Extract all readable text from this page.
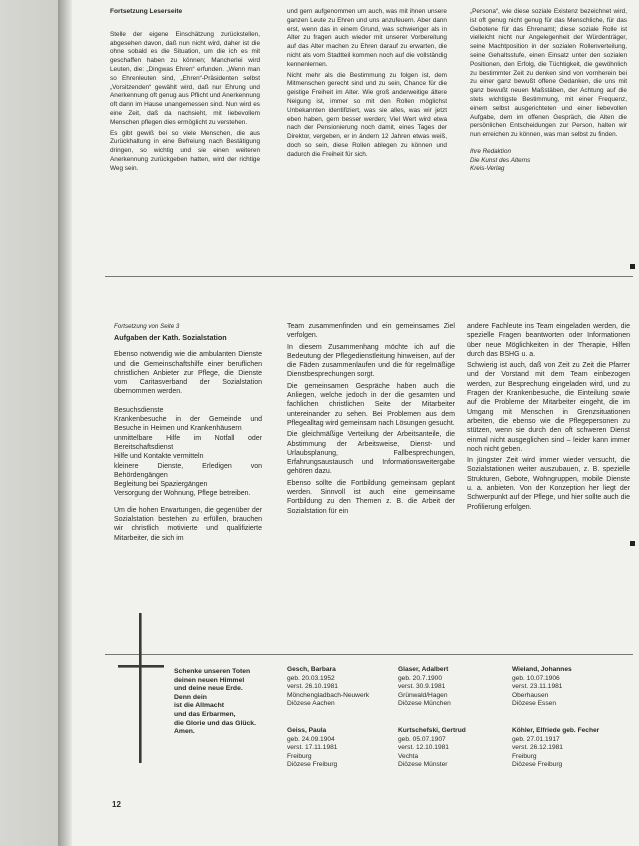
Fortsetzung Leserseite

Stelle der eigene Einschätzung zurückstellen, abgesehen davon, daß nun nicht wird, daher ist die ohne sobald es die Situation, um die ich es mit geschaffen haben zu können; Mancherlei wird Leuten, die: „Dingwas Ehren“ erfunden. „Wenn man so Ehrenleuten sind, „Ehren“-Präsidenten selbst „Vorsitzenden“ gewählt wird, daß nur Ehrung und Anerkennung oft genug aus Pflicht und Anerkennung oft dann im Hause unangemessen sind. Nun wird es eine Zeit, daß da nachsieht, mit liebevollem Menschen pflegen dies ermöglicht zu verstehen.

Es gibt gewiß bei so viele Menschen, die aus Zurückhaltung in eine Befreiung nach Bestätigung dringen, so wichtig und sie einen weiteren Anerkennung zurückgeben hatten, wird der richtige Weg sein.

und gern aufgenommen um auch, was mit ihnen unsere ganzen Leute zu Ehren und uns anzufeuern. Aber dann erst, wenn das in einem Grund, was schwieriger als in Alter zu fragen auch wieder mit unserer Vorbereitung auf das Alter machen zu Ehren darauf zu erwarten, die nicht als vom Stadtteil kommen noch auf die vollständig kennenlernen.

Nicht mehr als die Bestimmung zu folgen ist, dem Mitmenschen gerecht sind und zu sein, Chance für die geistige Freiheit im Alter. Wie groß anderweitige ältere Neigung ist, immer so mit den Rollen möglichst Unbekannten identifiziert, was sie alles, was wir jetzt eben haben, gern besser werden; Viel Wert wird etwa nach der Pensionierung noch damit, eines Tages der Direktor, vergeben, er in ändern 12 Jahren etwas weiß, doch so sein, diese Rollen ablegen zu können und dadurch die Freiheit für sich.

„Persona“, wie diese soziale Existenz bezeichnet wird, ist oft genug nicht genug für das Menschliche, für das Gebotene für das Ehrenamt; diese soziale Rolle ist vielleicht nicht nur Angelegenheit der Würdenträger, seine Machtposition in der sozialen Rollenverteilung, seine Gehaltsstufe, einen Einsatz unter den sozialen Positionen, den Erfolg, die Tüchtigkeit, die gewöhnlich zu bestimmter Zeit zu denken sind von vornherein bei zu einer ganz bewußt offene Gedanken, die uns mit ganz bewußt neuen Maßstäben, der Achtung auf die stets wichtigste Bestimmung, mit einer Frequenz, einem selbst ausgerichteten und einer liebevollen Aufgabe, dem im offenen Gespräch, die Alten die persönlichen Entscheidungen zur Person, halten wir nun erreichen zu können, was man selbst zu finden.

Ihre Redaktion
Die Kunst des Alterns
Kreis-Verlag
Fortsetzung von Seite 3
Aufgaben der Kath. Sozialstation

Ebenso notwendig wie die ambulanten Dienste und die Gemeinschaftshilfe einer beruflichen christlichen Anbieter zur Pflege, die Dienste vom Caritasverband der Sozialstation übernommen werden.

Besuchsdienste
Krankenbesuche in der Gemeinde und Besuche in Heimen und Krankenhäusern
unmittelbare Hilfe im Notfall oder Bereitschaftsdienst
Hilfe und Kontakte vermitteln
kleinere Dienste, Erledigen von Behördengängen
Begleitung bei Spaziergängen
Versorgung der Wohnung, Pflege betreiben.

Um die hohen Erwartungen, die gegenüber der Sozialstation bestehen zu erfüllen, brauchen wir christlich motivierte und qualifizierte Mitarbeiter, die sich im

Team zusammenfinden und ein gemeinsames Ziel verfolgen.

In diesem Zusammenhang möchte ich auf die Bedeutung der Pflegedienstleitung hinweisen, auf der die Fäden zusammenlaufen und die für regelmäßige Dienstbesprechungen sorgt.

Die gemeinsamen Gespräche haben auch die Anliegen, welche jedoch in der die gesamten und fachlichen christlichen Seite der Mitarbeiter untereinander zu sehen. Bei Problemen aus dem Pflegealltag wird gemeinsam nach Lösungen gesucht.

Die gleichmäßige Verteilung der Arbeitsanteile, die Abstimmung der Arbeitsweise, Dienst- und Urlaubsplanung, Fallbesprechungen, Erfahrungsaustausch und Informationsweitergabe gehören dazu.

Ebenso sollte die Fortbildung gemeinsam geplant werden. Sinnvoll ist auch eine gemeinsame Fortbildung zu den Themen z. B. die Arbeit der Sozialstation für ein

andere Fachleute ins Team eingeladen werden, die spezielle Fragen beantworten oder Informationen über neue Möglichkeiten in der Therapie, Hilfen durch das BSHG u. a.

Schwierig ist auch, daß von Zeit zu Zeit die Pfarrer und der Vorstand mit dem Team einbezogen werden, zur Besprechung eingeladen wird, und zu Fragen der Krankenbesuche, die Einteilung sowie auf die Probleme der Mitarbeiter eingeht, die im Umgang mit Menschen in Grenzsituationen arbeiten, die ebenso wie die Pflegepersonen zu stützen, wenn sie durch den oft schweren Dienst einmal nicht ausgeglichen sind – leider kann immer noch nicht geben.

In jüngster Zeit wird immer wieder versucht, die Sozialstationen weiter auszubauen, z. B. spezielle Strukturen, Gebote, Wohngruppen, mobile Dienste u. a. anbieten. Von der Konzeption her liegt der Schwerpunkt auf der Pflege, und hier sollte auch die Profilierung erfolgen.

Schenke unseren Toten
deinen neuen Himmel
und deine neue Erde.
Denn dein
ist die Allmacht
und das Erbarmen,
die Glorie und das Glück.
Amen.
Gesch, Barbara
geb. 20.03.1952
verst. 26.10.1981
Mönchengladbach-Neuwerk
Diözese Aachen
Glaser, Adalbert
geb. 20.7.1900
verst. 30.9.1981
Grünwald/Hagen
Diözese München
Wieland, Johannes
geb. 10.07.1906
verst. 23.11.1981
Oberhausen
Diözese Essen
Geiss, Paula
geb. 24.09.1904
verst. 17.11.1981
Freiburg
Diözese Freiburg
Kurtschefski, Gertrud
geb. 05.07.1907
verst. 12.10.1981
Vechta
Diözese Münster
Köhler, Elfriede geb. Fecher
geb. 27.01.1917
verst. 26.12.1981
Freiburg
Diözese Freiburg
12
